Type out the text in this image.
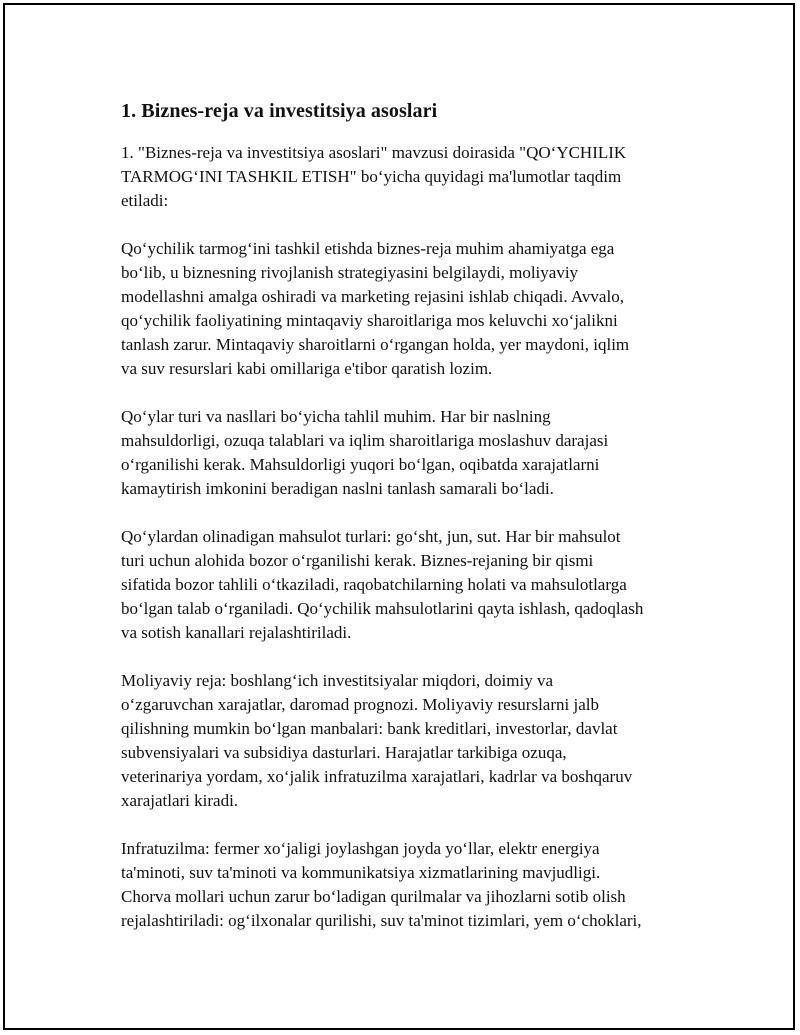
1. Biznes-reja va investitsiya asoslari

1. "Biznes-reja va investitsiya asoslari" mavzusi doirasida "QO‘YCHILIK
TARMOG‘INI TASHKIL ETISH" bo‘yicha quyidagi ma'lumotlar taqdim
etiladi:

Qo‘ychilik tarmog‘ini tashkil etishda biznes-reja muhim ahamiyatga ega
bo‘lib, u biznesning rivojlanish strategiyasini belgilaydi, moliyaviy
modellashni amalga oshiradi va marketing rejasini ishlab chiqadi. Avvalo,
qo‘ychilik faoliyatining mintaqaviy sharoitlariga mos keluvchi xo‘jalikni
tanlash zarur. Mintaqaviy sharoitlarni o‘rgangan holda, yer maydoni, iqlim
va suv resurslari kabi omillariga e'tibor qaratish lozim.

Qo‘ylar turi va nasllari bo‘yicha tahlil muhim. Har bir naslning
mahsuldorligi, ozuqa talablari va iqlim sharoitlariga moslashuv darajasi
o‘rganilishi kerak. Mahsuldorligi yuqori bo‘lgan, oqibatda xarajatlarni
kamaytirish imkonini beradigan naslni tanlash samarali bo‘ladi.

Qo‘ylardan olinadigan mahsulot turlari: go‘sht, jun, sut. Har bir mahsulot
turi uchun alohida bozor o‘rganilishi kerak. Biznes-rejaning bir qismi
sifatida bozor tahlili o‘tkaziladi, raqobatchilarning holati va mahsulotlarga
bo‘lgan talab o‘rganiladi. Qo‘ychilik mahsulotlarini qayta ishlash, qadoqlash
va sotish kanallari rejalashtiriladi.

Moliyaviy reja: boshlang‘ich investitsiyalar miqdori, doimiy va
o‘zgaruvchan xarajatlar, daromad prognozi. Moliyaviy resurslarni jalb
qilishning mumkin bo‘lgan manbalari: bank kreditlari, investorlar, davlat
subvensiyalari va subsidiya dasturlari. Harajatlar tarkibiga ozuqa,
veterinariya yordam, xo‘jalik infratuzilma xarajatlari, kadrlar va boshqaruv
xarajatlari kiradi.

Infratuzilma: fermer xo‘jaligi joylashgan joyda yo‘llar, elektr energiya
ta'minoti, suv ta'minoti va kommunikatsiya xizmatlarining mavjudligi.
Chorva mollari uchun zarur bo‘ladigan qurilmalar va jihozlarni sotib olish
rejalashtiriladi: og‘ilxonalar qurilishi, suv ta'minot tizimlari, yem o‘choklari,
